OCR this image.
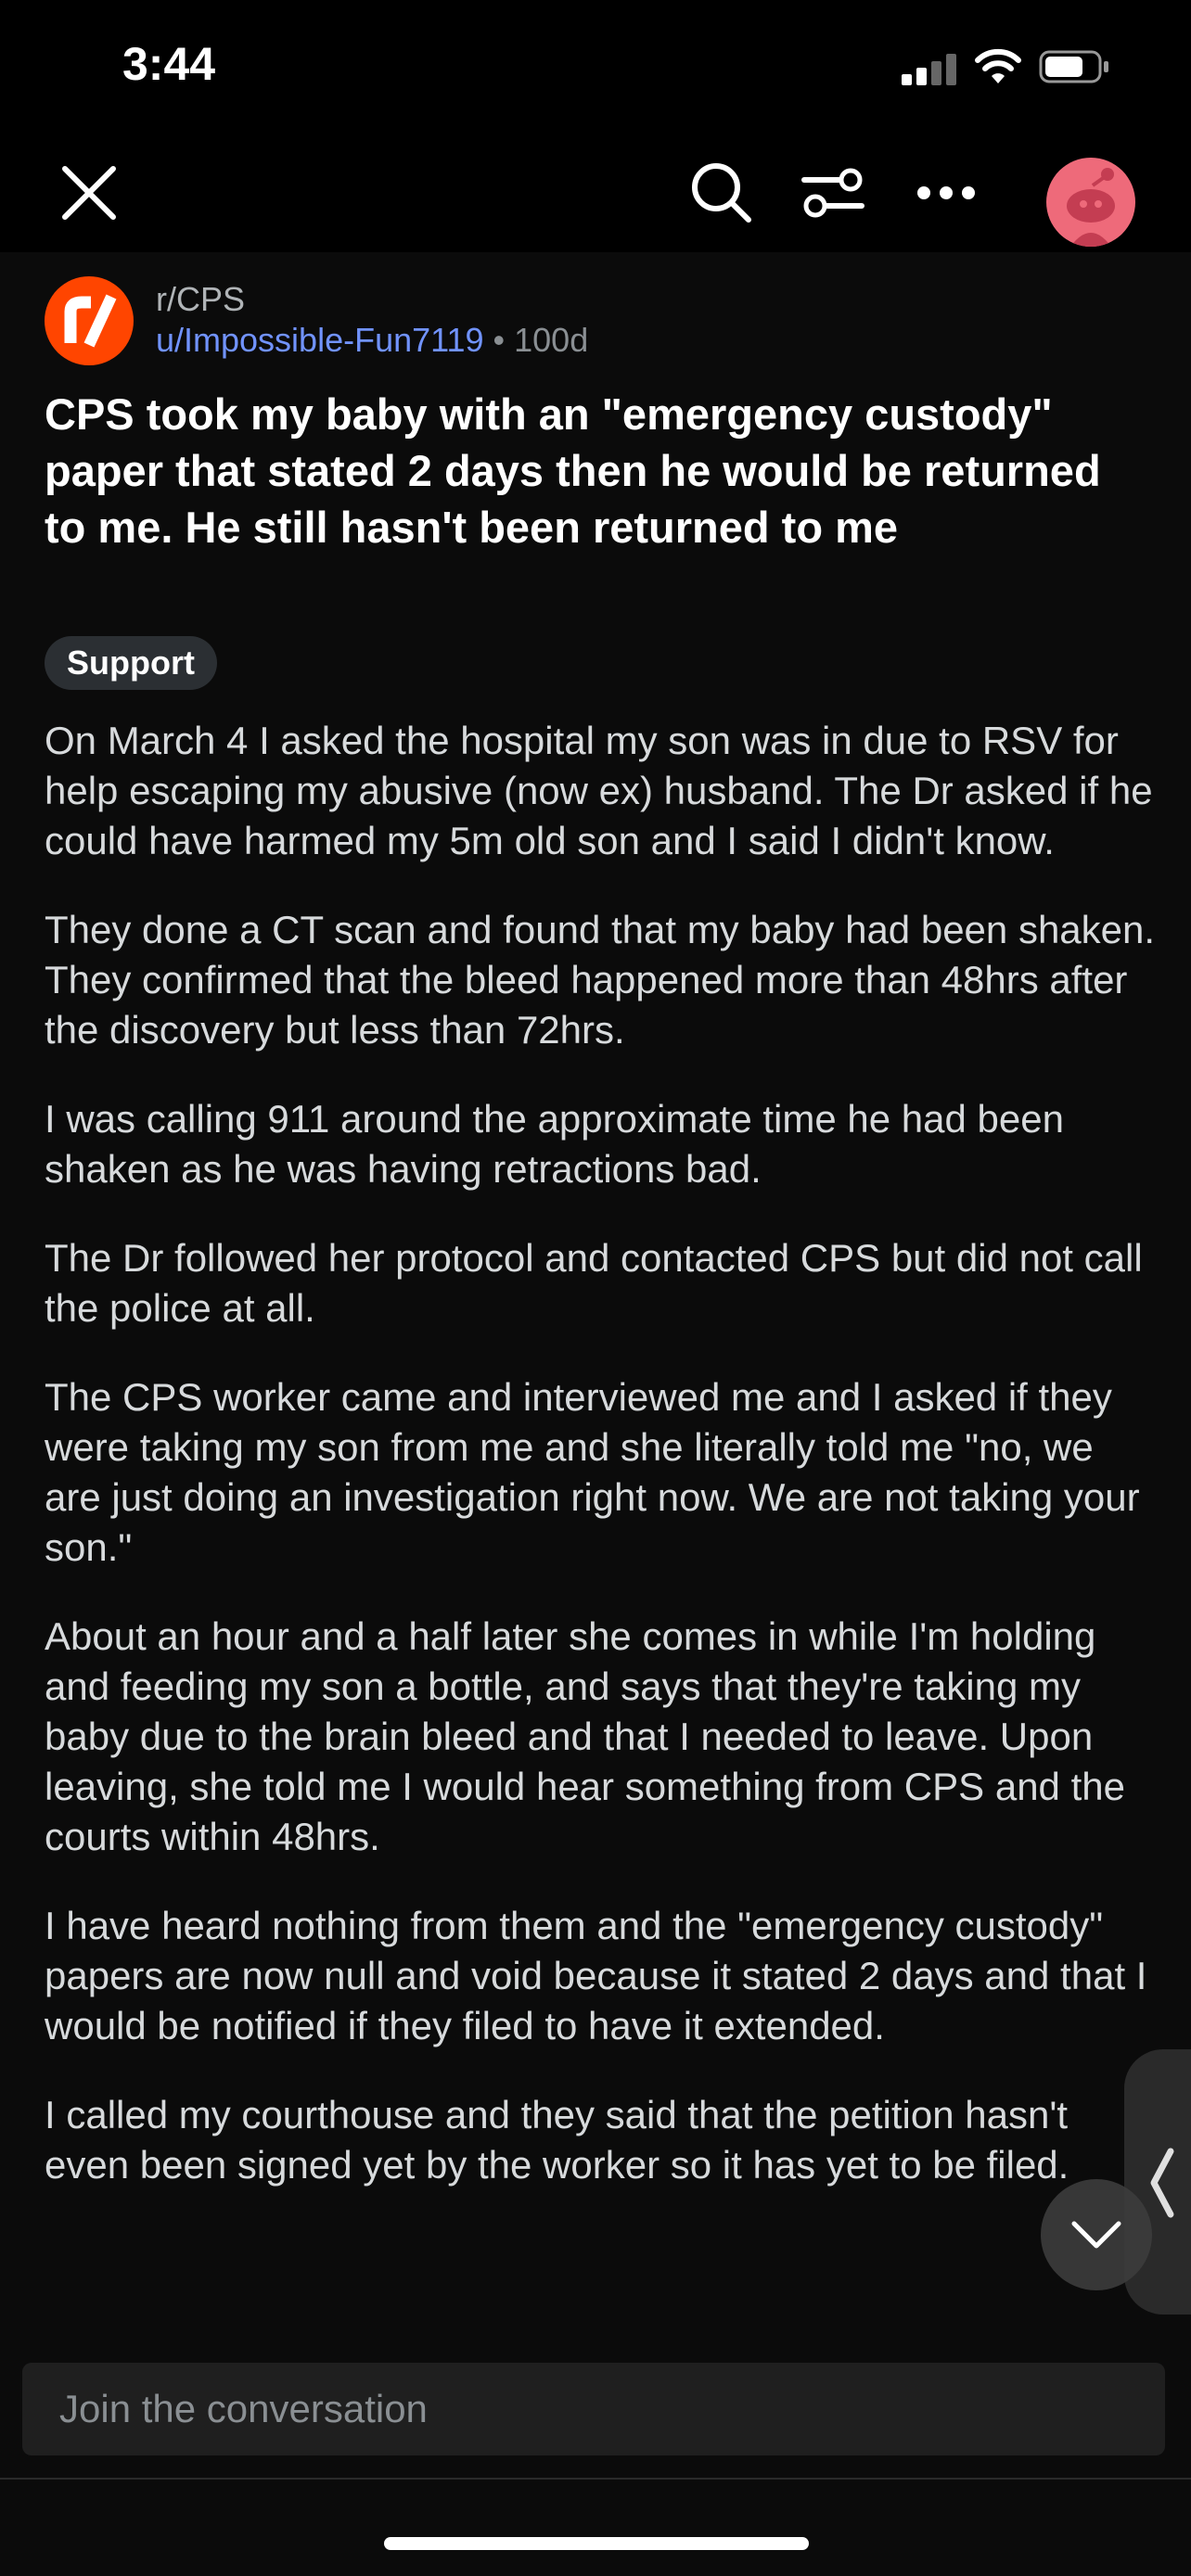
3:44
r/CPS
u/Impossible-Fun7119 • 100d
CPS took my baby with an "emergency custody" paper that stated 2 days then he would be returned to me. He still hasn't been returned to me
Support

On March 4 I asked the hospital my son was in due to RSV for help escaping my abusive (now ex) husband. The Dr asked if he could have harmed my 5m old son and I said I didn't know.

They done a CT scan and found that my baby had been shaken. They confirmed that the bleed happened more than 48hrs after the discovery but less than 72hrs.

I was calling 911 around the approximate time he had been shaken as he was having retractions bad.

The Dr followed her protocol and contacted CPS but did not call the police at all.

The CPS worker came and interviewed me and I asked if they were taking my son from me and she literally told me "no, we are just doing an investigation right now. We are not taking your son."

About an hour and a half later she comes in while I'm holding and feeding my son a bottle, and says that they're taking my baby due to the brain bleed and that I needed to leave. Upon leaving, she told me I would hear something from CPS and the courts within 48hrs.

I have heard nothing from them and the "emergency custody" papers are now null and void because it stated 2 days and that I would be notified if they filed to have it extended.

I called my courthouse and they said that the petition hasn't even been signed yet by the worker so it has yet to be filed.

Join the conversation
